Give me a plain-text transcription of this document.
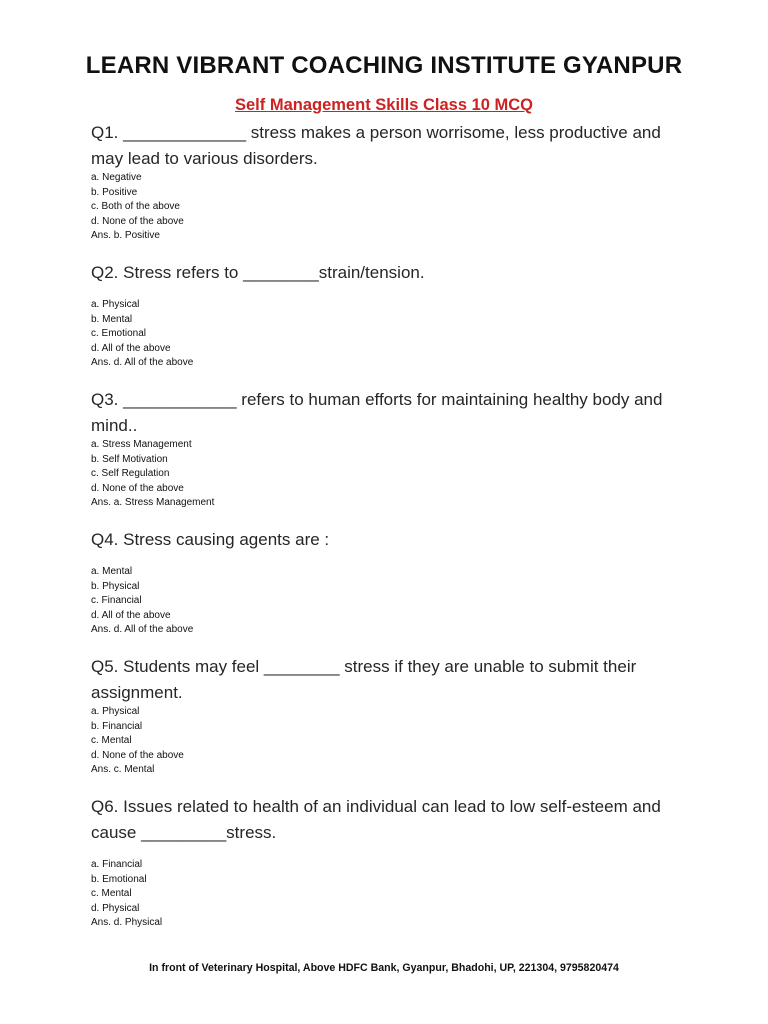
LEARN VIBRANT COACHING INSTITUTE GYANPUR
Self Management Skills Class 10 MCQ

Q1. _____________ stress makes a person worrisome, less productive and may lead to various disorders.

a. Negative
b. Positive
c. Both of the above
d. None of the above
Ans. b. Positive

Q2. Stress refers to ________strain/tension.

a. Physical
b. Mental
c. Emotional
d. All of the above
Ans. d. All of the above

Q3. ____________ refers to human efforts for maintaining healthy body and mind..

a. Stress Management
b. Self Motivation
c. Self Regulation
d. None of the above
Ans. a. Stress Management

Q4. Stress causing agents are :

a. Mental
b. Physical
c. Financial
d. All of the above
Ans. d. All of the above

Q5. Students may feel ________ stress if they are unable to submit their assignment.

a. Physical
b. Financial
c. Mental
d. None of the above
Ans. c. Mental

Q6. Issues related to health of an individual can lead to low self-esteem and cause _________stress.

a. Financial
b. Emotional
c. Mental
d. Physical
Ans. d. Physical
In front of Veterinary Hospital, Above HDFC Bank, Gyanpur, Bhadohi, UP, 221304, 9795820474
